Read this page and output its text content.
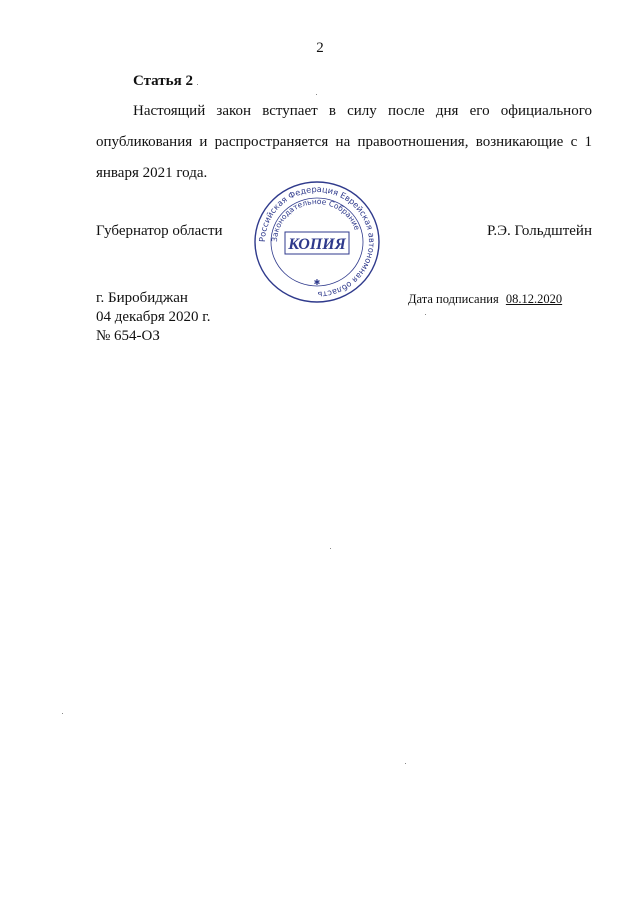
2
Статья 2

Настоящий закон вступает в силу после дня его официального опубликования и распространяется на правоотношения, возникающие с 1 января 2021 года.

Губернатор области	Р.Э. Гольдштейн
г. Биробиджан
04 декабря 2020 г.
№ 654-ОЗ
Дата подписания 08.12.2020
Российская Федерация Еврейская автономная область
Законодательное Собрание
КОПИЯ
✱
